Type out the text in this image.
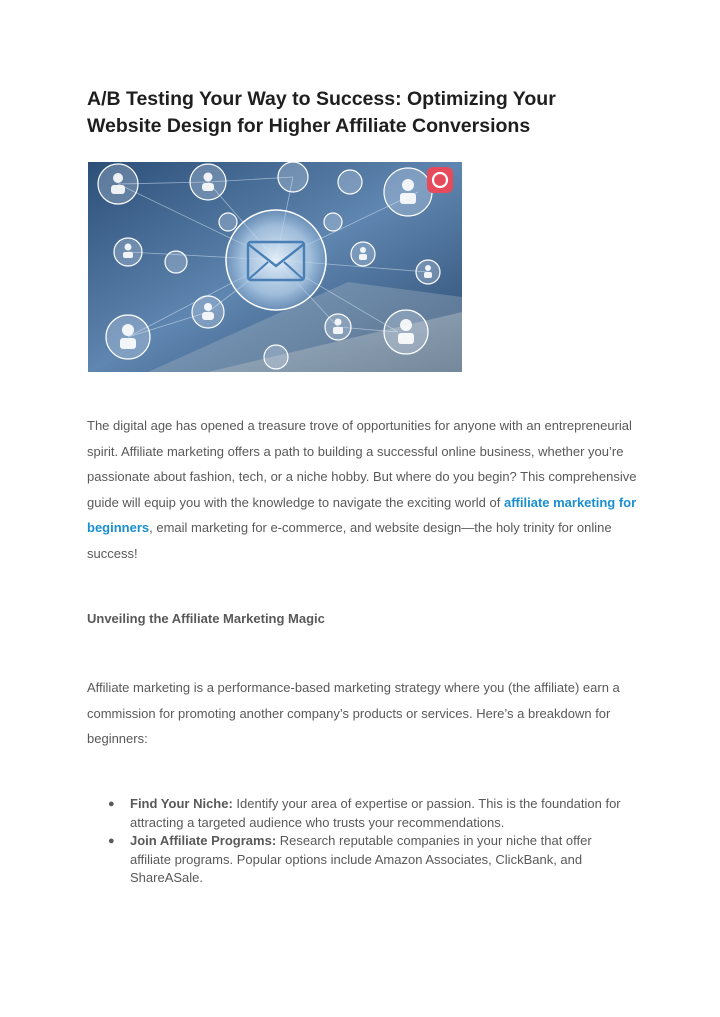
A/B Testing Your Way to Success: Optimizing Your
Website Design for Higher Affiliate Conversions

The digital age has opened a treasure trove of opportunities for anyone with an entrepreneurial spirit. Affiliate marketing offers a path to building a successful online business, whether you’re passionate about fashion, tech, or a niche hobby. But where do you begin? This comprehensive guide will equip you with the knowledge to navigate the exciting world of affiliate marketing for beginners, email marketing for e-commerce, and website design—the holy trinity for online success!

Unveiling the Affiliate Marketing Magic

Affiliate marketing is a performance-based marketing strategy where you (the affiliate) earn a commission for promoting another company’s products or services. Here’s a breakdown for beginners:

● Find Your Niche: Identify your area of expertise or passion. This is the foundation for attracting a targeted audience who trusts your recommendations.
● Join Affiliate Programs: Research reputable companies in your niche that offer affiliate programs. Popular options include Amazon Associates, ClickBank, and ShareASale.
